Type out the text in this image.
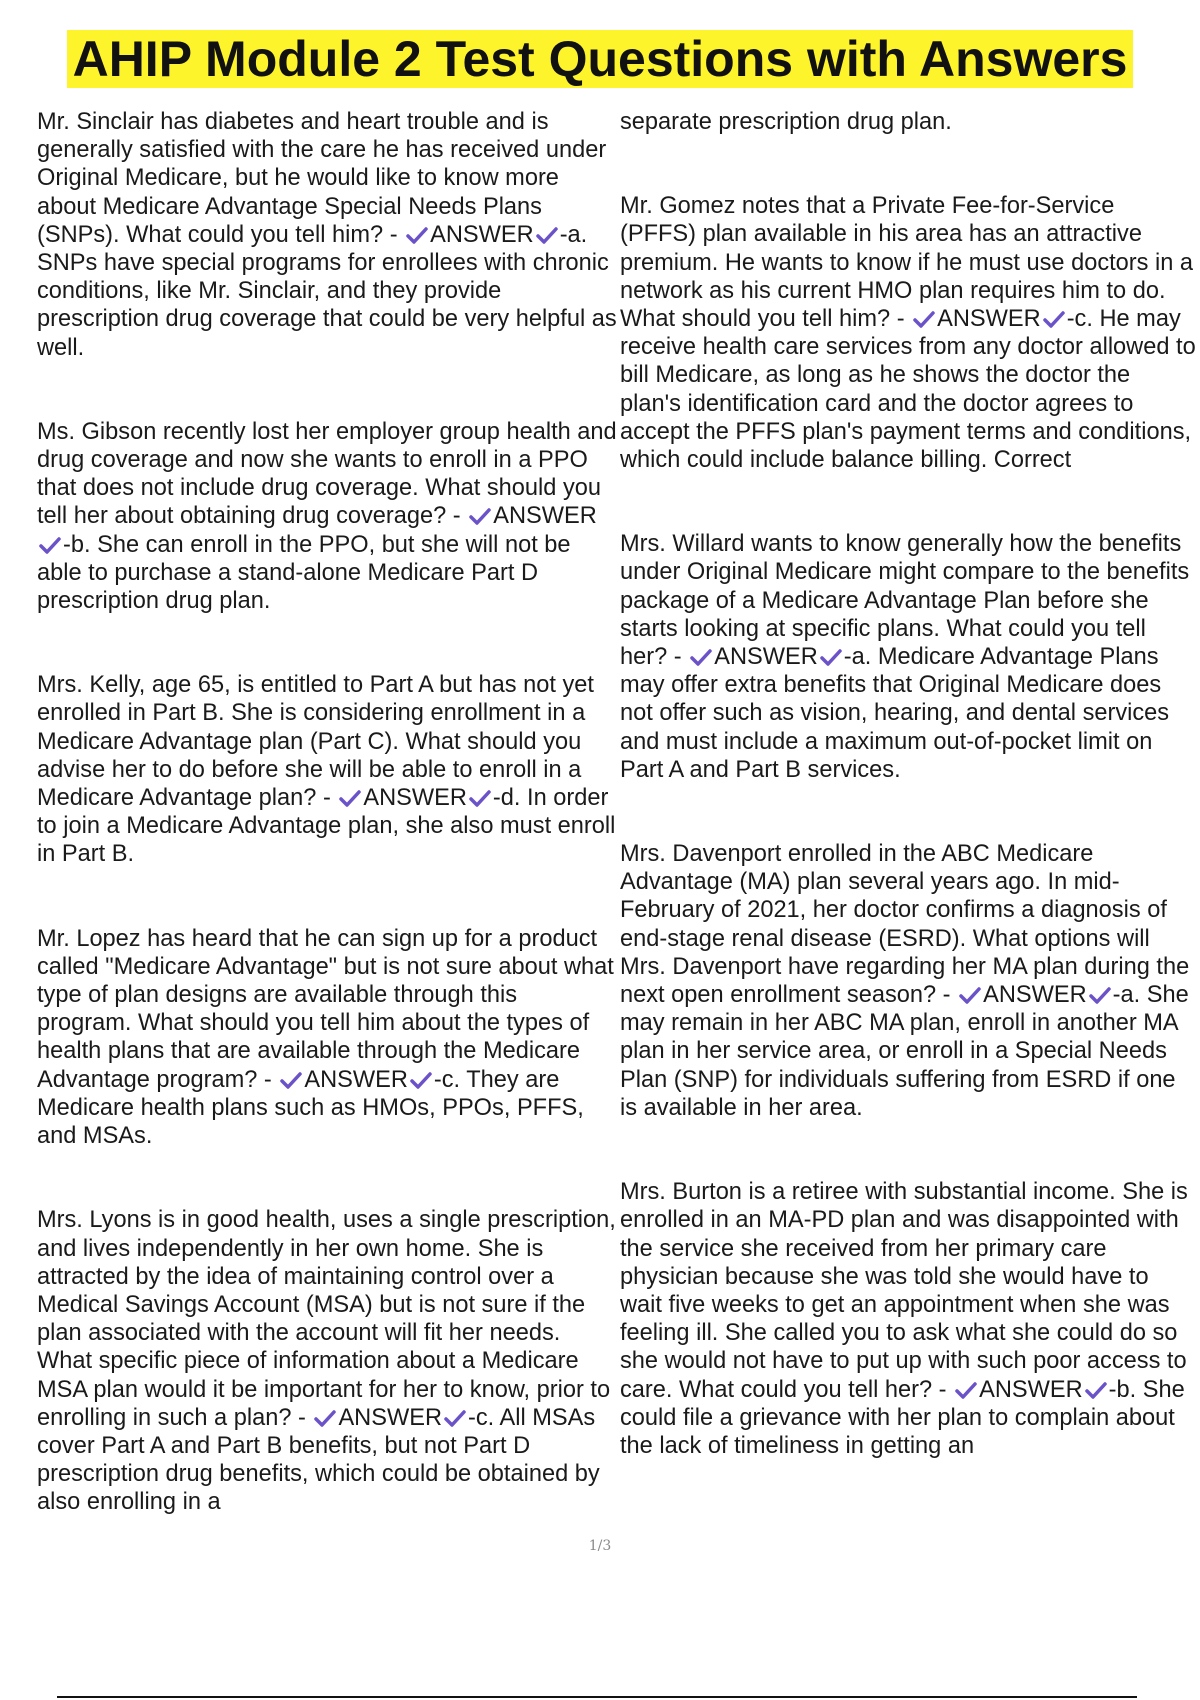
AHIP Module 2 Test Questions with Answers

Mr. Sinclair has diabetes and heart trouble and is generally satisfied with the care he has received under Original Medicare, but he would like to know more about Medicare Advantage Special Needs Plans (SNPs). What could you tell him? -
ANSWER -a. SNPs have special programs for enrollees with chronic conditions, like Mr. Sinclair, and they provide prescription drug coverage that could be very helpful as well.

Ms. Gibson recently lost her employer group health and drug coverage and now she wants to enroll in a PPO that does not include drug coverage. What should you tell her about obtaining drug coverage? -
ANSWER
-b. She can enroll in the PPO, but she will not be able to purchase a stand-alone Medicare Part D prescription drug plan.

Mrs. Kelly, age 65, is entitled to Part A but has not yet enrolled in Part B. She is considering enrollment in a Medicare Advantage plan (Part C). What should you advise her to do before she will be able to enroll in a Medicare Advantage plan? -
ANSWER -d. In order to join a Medicare Advantage plan, she also must enroll in Part B.

Mr. Lopez has heard that he can sign up for a product called "Medicare Advantage" but is not sure about what type of plan designs are available through this program. What should you tell him about the types of health plans that are available through the Medicare Advantage program? -
ANSWER -c. They are Medicare health plans such as HMOs, PPOs, PFFS, and MSAs.

Mrs. Lyons is in good health, uses a single prescription, and lives independently in her own home. She is attracted by the idea of maintaining control over a Medical Savings Account (MSA) but is not sure if the plan associated with the account will fit her needs. What specific piece of information about a Medicare MSA plan would it be important for her to know, prior to enrolling in such a plan? -
ANSWER -c. All MSAs cover Part A and Part B benefits, but not Part D prescription drug benefits, which could be obtained by also enrolling in a

separate prescription drug plan.

Mr. Gomez notes that a Private Fee-for-Service (PFFS) plan available in his area has an attractive premium. He wants to know if he must use doctors in a network as his current HMO plan requires him to do. What should you tell him? -
ANSWER -c. He may receive health care services from any doctor allowed to bill Medicare, as long as he shows the doctor the plan's identification card and the doctor agrees to accept the PFFS plan's payment terms and conditions, which could include balance billing. Correct

Mrs. Willard wants to know generally how the benefits under Original Medicare might compare to the benefits package of a Medicare Advantage Plan before she starts looking at specific plans. What could you tell her? -
ANSWER -a. Medicare Advantage Plans may offer extra benefits that Original Medicare does not offer such as vision, hearing, and dental services and must include a maximum out-of-pocket limit on Part A and Part B services.

Mrs. Davenport enrolled in the ABC Medicare Advantage (MA) plan several years ago. In mid-February of 2021, her doctor confirms a diagnosis of end-stage renal disease (ESRD). What options will Mrs. Davenport have regarding her MA plan during the next open enrollment season? -
ANSWER -a. She may remain in her ABC MA plan, enroll in another MA plan in her service area, or enroll in a Special Needs Plan (SNP) for individuals suffering from ESRD if one is available in her area.

Mrs. Burton is a retiree with substantial income. She is enrolled in an MA-PD plan and was disappointed with the service she received from her primary care physician because she was told she would have to wait five weeks to get an appointment when she was feeling ill. She called you to ask what she could do so she would not have to put up with such poor access to care. What could you tell her? -
ANSWER -b. She could file a grievance with her plan to complain about the lack of timeliness in getting an

1/3
